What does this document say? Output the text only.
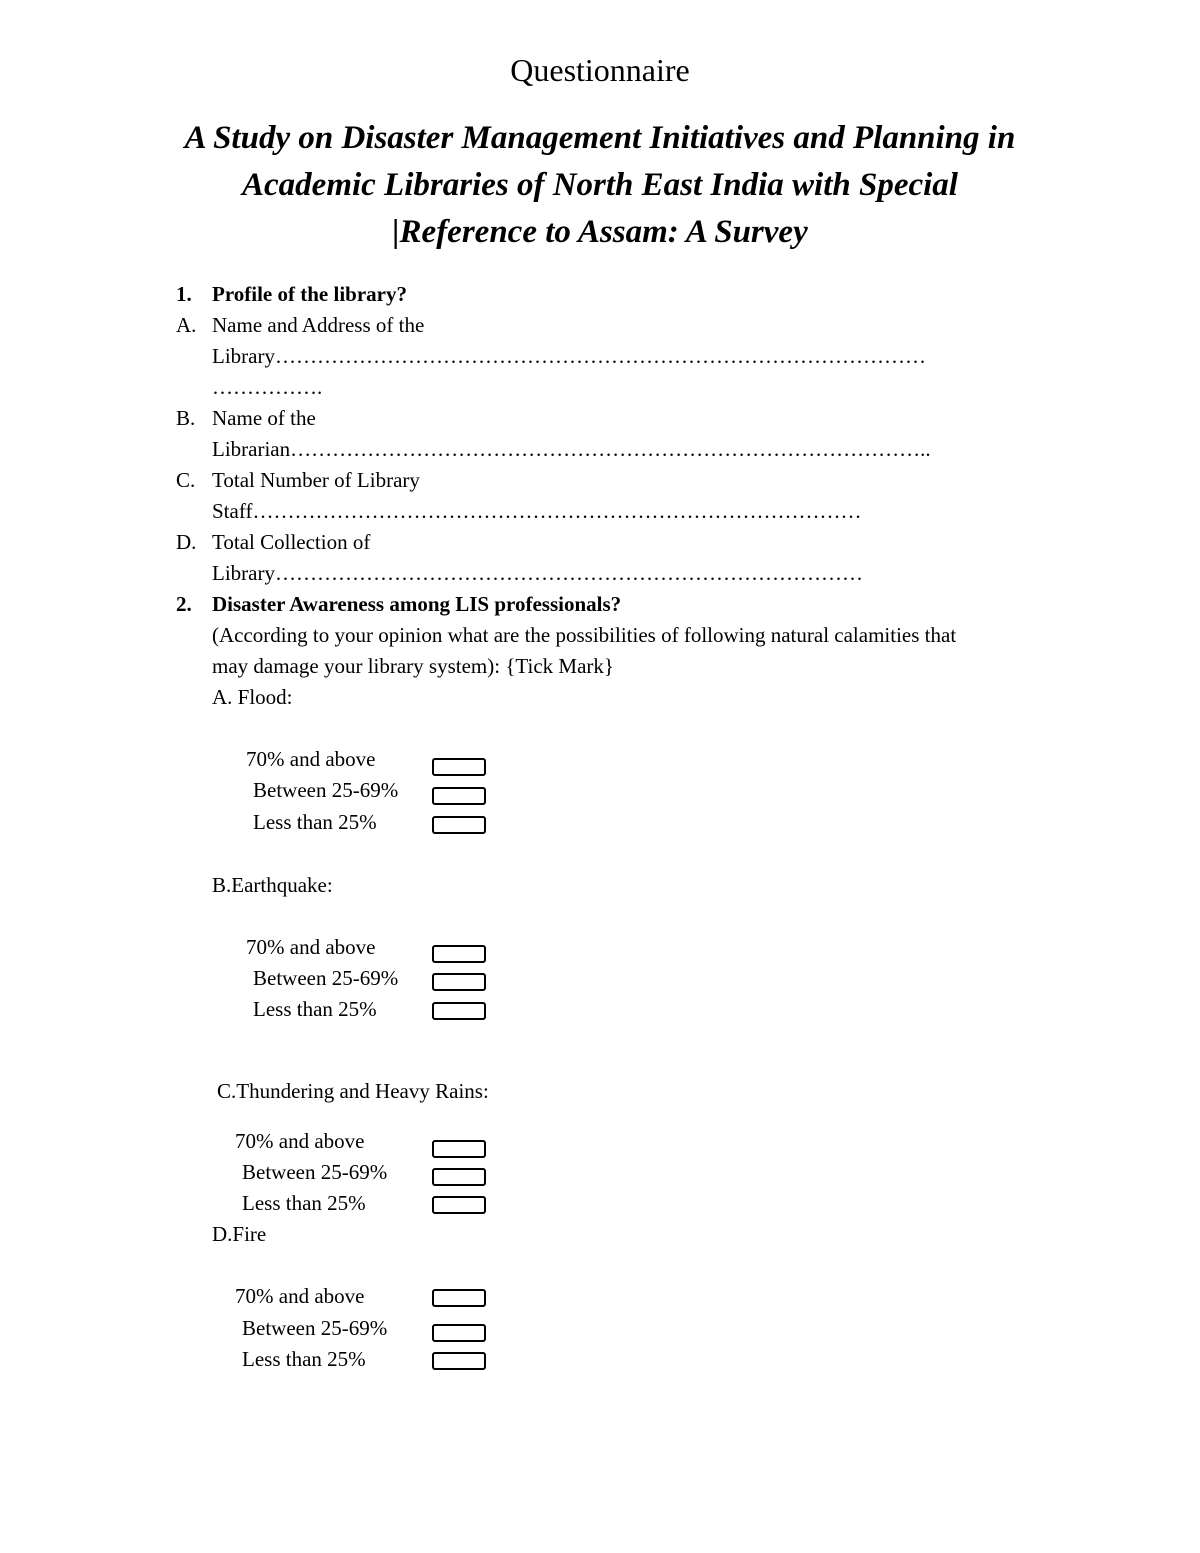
Questionnaire
A Study on Disaster Management Initiatives and Planning in
Academic Libraries of North East India with Special
|Reference to Assam: A Survey
1. Profile of the library?
A. Name and Address of the
Library…………………………………………………………………………………
…………….
B. Name of the
Librarian………………………………………………………………………………..
C. Total Number of Library
Staff……………………………………………………………………………
D. Total Collection of
Library…………………………………………………………………………
2. Disaster Awareness among LIS professionals?
(According to your opinion what are the possibilities of following natural calamities that
may damage your library system): {Tick Mark}
A. Flood:
70% and above
Between 25-69%
Less than 25%
B.Earthquake:
70% and above
Between 25-69%
Less than 25%
C.Thundering and Heavy Rains:
70% and above
Between 25-69%
Less than 25%
D.Fire
70% and above
Between 25-69%
Less than 25%
